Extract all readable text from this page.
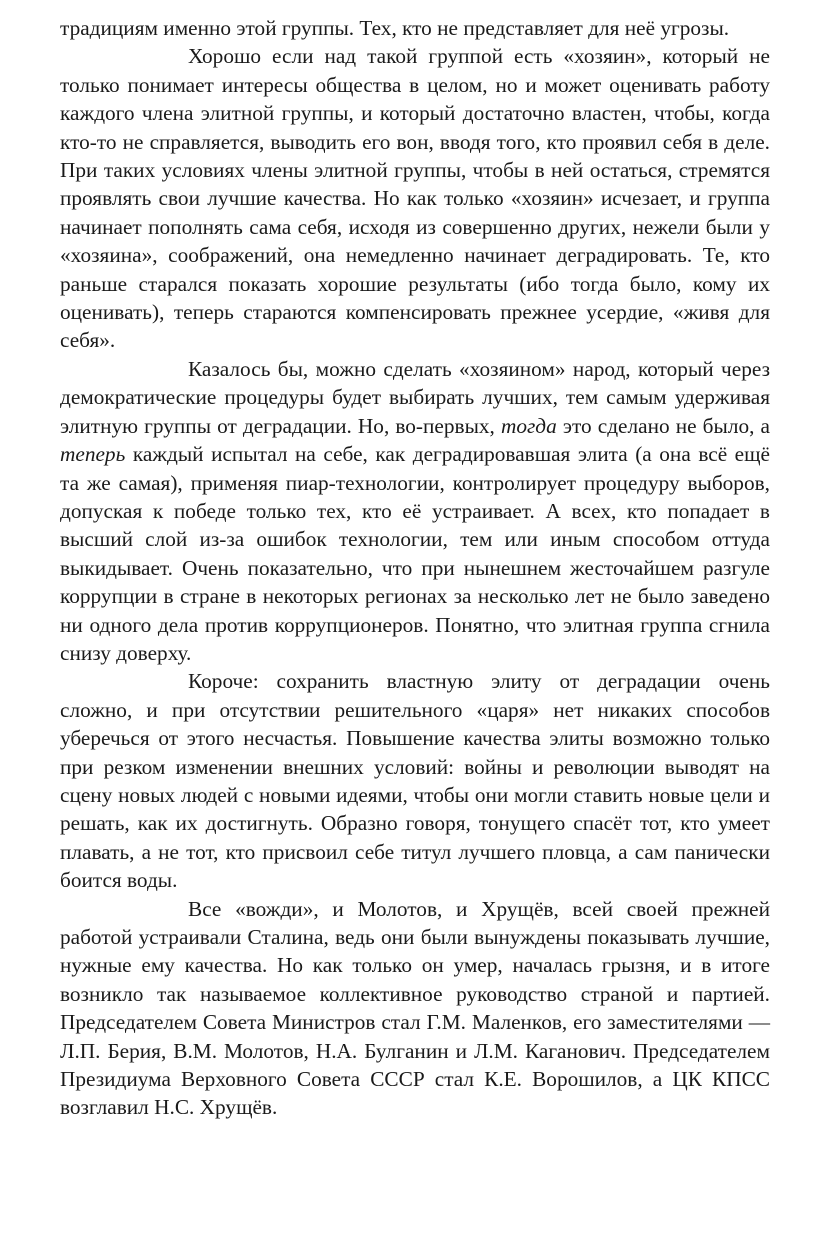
традициям именно этой группы. Тех, кто не представляет для неё угрозы.

Хорошо если над такой группой есть «хозяин», который не только понимает интересы общества в целом, но и может оценивать работу каждого члена элитной группы, и который достаточно властен, чтобы, когда кто-то не справляется, выводить его вон, вводя того, кто проявил себя в деле. При таких условиях члены элитной группы, чтобы в ней остаться, стремятся проявлять свои лучшие качества. Но как только «хозяин» исчезает, и группа начинает пополнять сама себя, исходя из совершенно других, нежели были у «хозяина», соображений, она немедленно начинает деградировать. Те, кто раньше старался показать хорошие результаты (ибо тогда было, кому их оценивать), теперь стараются компенсировать прежнее усердие, «живя для себя».

Казалось бы, можно сделать «хозяином» народ, который через демократические процедуры будет выбирать лучших, тем самым удерживая элитную группы от деградации. Но, во-первых, тогда это сделано не было, а теперь каждый испытал на себе, как деградировавшая элита (а она всё ещё та же самая), применяя пиар-технологии, контролирует процедуру выборов, допуская к победе только тех, кто её устраивает. А всех, кто попадает в высший слой из-за ошибок технологии, тем или иным способом оттуда выкидывает. Очень показательно, что при нынешнем жесточайшем разгуле коррупции в стране в некоторых регионах за несколько лет не было заведено ни одного дела против коррупционеров. Понятно, что элитная группа сгнила снизу доверху.

Короче: сохранить властную элиту от деградации очень сложно, и при отсутствии решительного «царя» нет никаких способов уберечься от этого несчастья. Повышение качества элиты возможно только при резком изменении внешних условий: войны и революции выводят на сцену новых людей с новыми идеями, чтобы они могли ставить новые цели и решать, как их достигнуть. Образно говоря, тонущего спасёт тот, кто умеет плавать, а не тот, кто присвоил себе титул лучшего пловца, а сам панически боится воды.

Все «вожди», и Молотов, и Хрущёв, всей своей прежней работой устраивали Сталина, ведь они были вынуждены показывать лучшие, нужные ему качества. Но как только он умер, началась грызня, и в итоге возникло так называемое коллективное руководство страной и партией. Председателем Совета Министров стал Г.М. Маленков, его заместителями — Л.П. Берия, В.М. Молотов, Н.А. Булганин и Л.М. Каганович. Председателем Президиума Верховного Совета СССР стал К.Е. Ворошилов, а ЦК КПСС возглавил Н.С. Хрущёв.
